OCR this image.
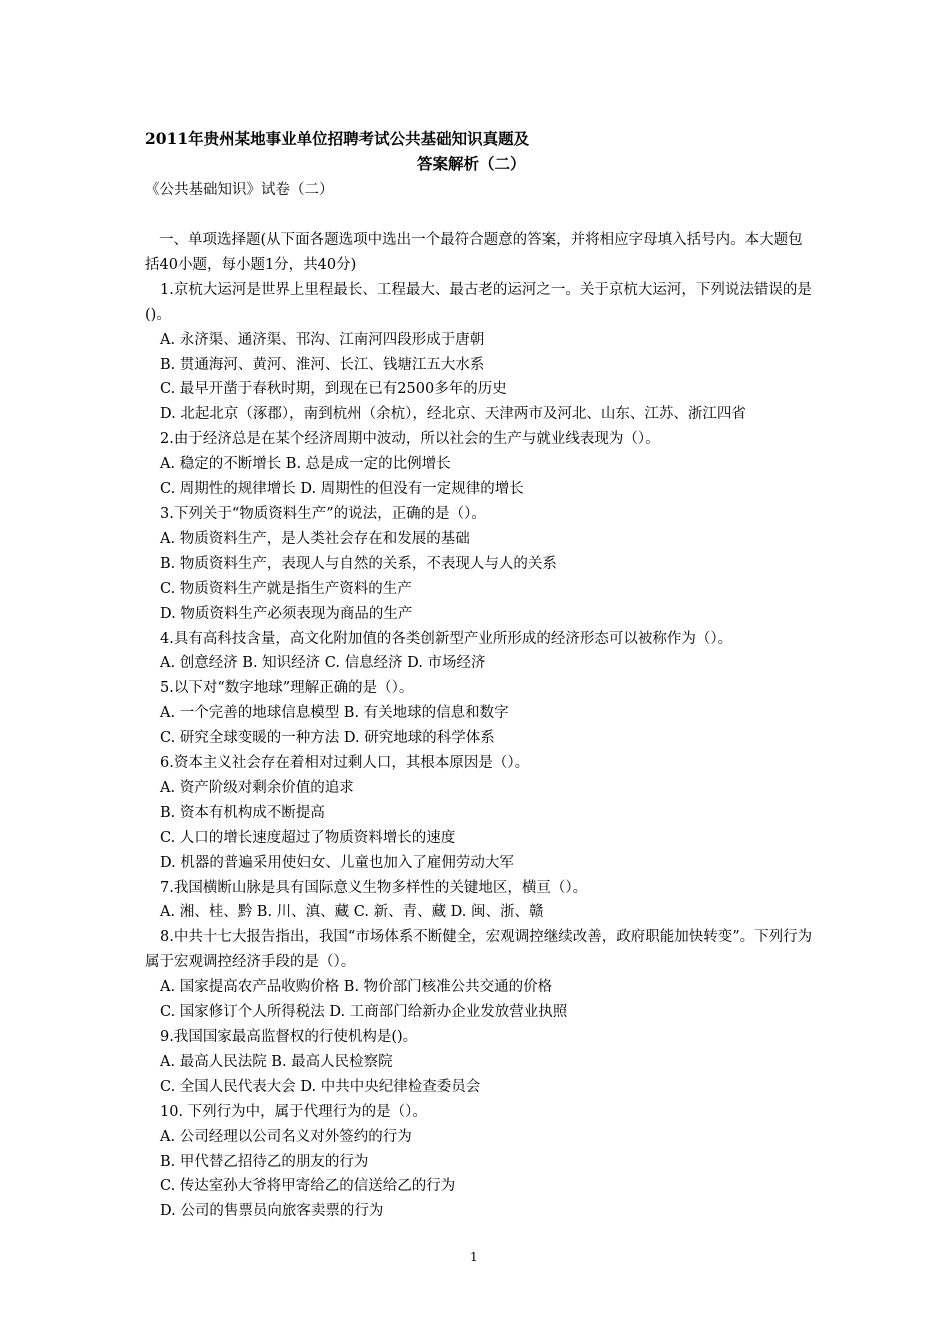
2011年贵州某地事业单位招聘考试公共基础知识真题及
答案解析（二）
《公共基础知识》试卷（二）

一、单项选择题(从下面各题选项中选出一个最符合题意的答案，并将相应字母填入括号内。本大题包括40小题，每小题1分，共40分)

1.京杭大运河是世界上里程最长、工程最大、最古老的运河之一。关于京杭大运河，下列说法错误的是()。

A. 永济渠、通济渠、邗沟、江南河四段形成于唐朝

B. 贯通海河、黄河、淮河、长江、钱塘江五大水系

C. 最早开凿于春秋时期，到现在已有2500多年的历史

D. 北起北京（涿郡），南到杭州（余杭），经北京、天津两市及河北、山东、江苏、浙江四省

2.由于经济总是在某个经济周期中波动，所以社会的生产与就业线表现为（）。

A. 稳定的不断增长 B. 总是成一定的比例增长

C. 周期性的规律增长 D. 周期性的但没有一定规律的增长

3.下列关于“物质资料生产”的说法，正确的是（）。

A. 物质资料生产，是人类社会存在和发展的基础

B. 物质资料生产，表现人与自然的关系，不表现人与人的关系

C. 物质资料生产就是指生产资料的生产

D. 物质资料生产必须表现为商品的生产

4.具有高科技含量，高文化附加值的各类创新型产业所形成的经济形态可以被称作为（）。

A. 创意经济 B. 知识经济 C. 信息经济 D. 市场经济

5.以下对“数字地球”理解正确的是（）。

A. 一个完善的地球信息模型 B. 有关地球的信息和数字

C. 研究全球变暖的一种方法 D. 研究地球的科学体系

6.资本主义社会存在着相对过剩人口，其根本原因是（）。

A. 资产阶级对剩余价值的追求

B. 资本有机构成不断提高

C. 人口的增长速度超过了物质资料增长的速度

D. 机器的普遍采用使妇女、儿童也加入了雇佣劳动大军

7.我国横断山脉是具有国际意义生物多样性的关键地区，横亘（）。

A. 湘、桂、黔 B. 川、滇、藏 C. 新、青、藏 D. 闽、浙、赣

8.中共十七大报告指出，我国“市场体系不断健全，宏观调控继续改善，政府职能加快转变”。下列行为属于宏观调控经济手段的是（）。

A. 国家提高农产品收购价格 B. 物价部门核准公共交通的价格

C. 国家修订个人所得税法 D. 工商部门给新办企业发放营业执照

9.我国国家最高监督权的行使机构是()。

A. 最高人民法院 B. 最高人民检察院

C. 全国人民代表大会 D. 中共中央纪律检查委员会

10. 下列行为中，属于代理行为的是（）。

A. 公司经理以公司名义对外签约的行为

B. 甲代替乙招待乙的朋友的行为

C. 传达室孙大爷将甲寄给乙的信送给乙的行为

D. 公司的售票员向旅客卖票的行为

1
